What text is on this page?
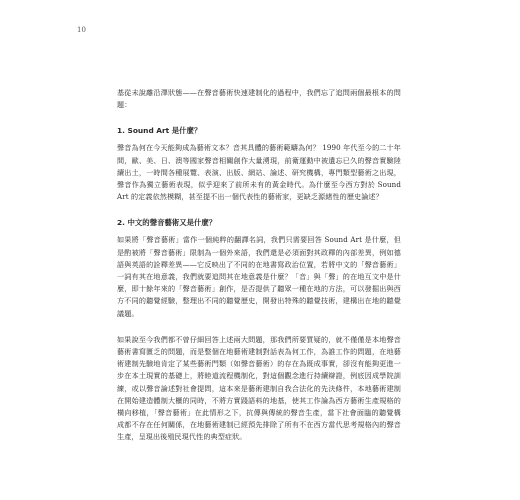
10

基從未說離沿澤狀態——在聲音藝術快速建制化的過程中，我們忘了追問兩個最根本的問題：

1. Sound Art 是什麼？

聲音為何在今天能夠成為藝術文本？音其具體的藝術範疇為何？ 1990 年代至今的二十年間，歐、美、日、澳等國家聲音相關創作大量湧現，前衛運動中被遺忘已久的聲音實驗陸續出土，一時間各種展覽、表演、出版、網站、論述、研究機構，專門類型藝術之出現，聲音作為獨立藝術表現，似乎迎來了前所未有的黃金時代。為什麼至今西方對於 Sound Art 的定義依然模糊，甚至提不出一個代表性的藝術家，更缺乏源緒性的歷史論述？

2. 中文的聲音藝術又是什麼？

如果將「聲音藝術」當作一個純粹的翻譯名詞，我們只需要回答 Sound Art 是什麼，但是酌被將「聲音藝術」限制為一個外來語，我們還是必須面對其政釋的內部差異，例如德語與英語的詮釋差異——它反映出了不同的在地書寫政治位置，若將中文的「聲音藝術」一詞有其在地意義，我們就要追問其在地意義是什麼？「音」與「聲」的在地互文中是什麼，即十餘年來的「聲音藝術」創作，是否提供了聽眾一種在地的方法，可以發掘出與西方不同的聽覺經驗，整理出不同的聽覺歷史，開發出特殊的聽覺技術，建構出在地的聽覺議題。

如果說至今我們都不曾仔細回答上述兩大問題，那我們所要質疑的，就不僅僅是本地聲音藝術書寫匱乏的問題，而是整個在地藝術建制對話表為何工作，為誰工作的問題，在地藝術建制先驗地肯定了某些藝術門類（如聲音藝術）的存在為既成事實，卻沒有能夠更進一步在本土現實的基礎上，將睦道流程機制化，對這個觀念進行持續辯證，例底因成學院訓練，或以聲音論述對社會提問，這本來是藝術建制自我合法化的先決條件，本地藝術建制在開始建造體制大櫃的同時，不將方實踐語料的地基，使其工作論為西方藝術生產規格的橫向移植，「聲音藝術」在此情形之下，抗傳與傳統的聲音生產，當下社會面臨的聽覺構成都不存在任何關係，在地藝術建制已經預先排除了所有不在西方當代思考規格內的聲音生產，呈現出後殖民現代性的典型症狀。
